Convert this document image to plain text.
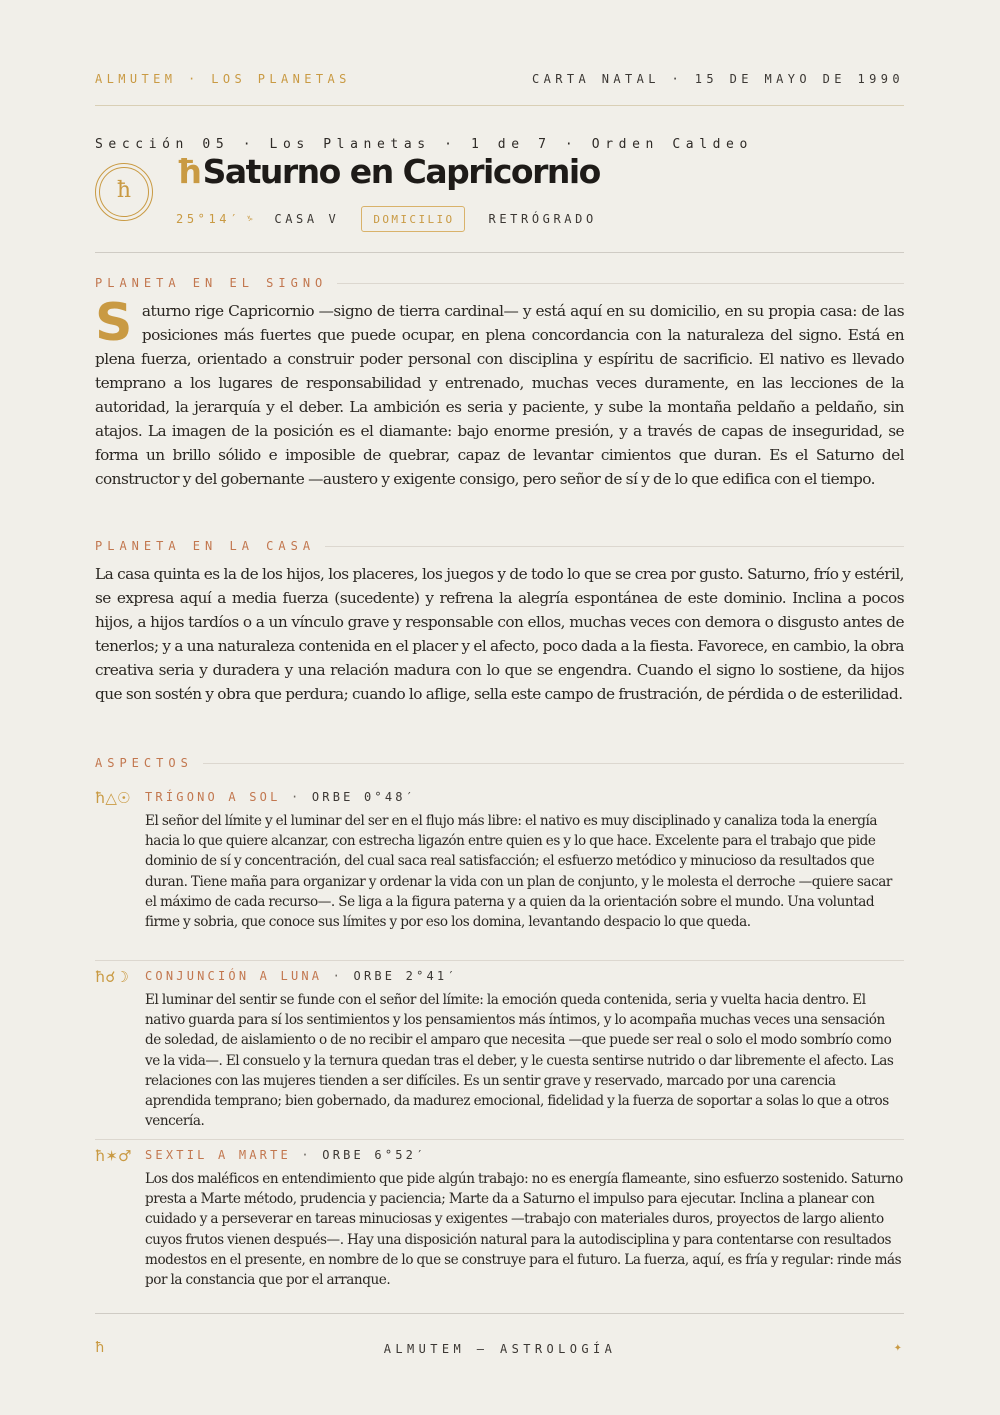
ALMUTEM · LOS PLANETAS	CARTA NATAL · 15 DE MAYO DE 1990
Sección 05 · Los Planetas · 1 de 7 · Orden Caldeo
ħ	ħSaturno en Capricornio
25°14′ ♑ CASA V	DOMICILIO	RETRÓGRADO
PLANETA EN EL SIGNO

Saturno rige Capricornio —signo de tierra cardinal— y está aquí en su domicilio, en su propia casa: de las posiciones más fuertes que puede ocupar, en plena concordancia con la naturaleza del signo. Está en plena fuerza, orientado a construir poder personal con disciplina y espíritu de sacrificio. El nativo es llevado temprano a los lugares de responsabilidad y entrenado, muchas veces duramente, en las lecciones de la autoridad, la jerarquía y el deber. La ambición es seria y paciente, y sube la montaña peldaño a peldaño, sin atajos. La imagen de la posición es el diamante: bajo enorme presión, y a través de capas de inseguridad, se forma un brillo sólido e imposible de quebrar, capaz de levantar cimientos que duran. Es el Saturno del constructor y del gobernante —austero y exigente consigo, pero señor de sí y de lo que edifica con el tiempo.

PLANETA EN LA CASA

La casa quinta es la de los hijos, los placeres, los juegos y de todo lo que se crea por gusto. Saturno, frío y estéril, se expresa aquí a media fuerza (sucedente) y refrena la alegría espontánea de este dominio. Inclina a pocos hijos, a hijos tardíos o a un vínculo grave y responsable con ellos, muchas veces con demora o disgusto antes de tenerlos; y a una naturaleza contenida en el placer y el afecto, poco dada a la fiesta. Favorece, en cambio, la obra creativa seria y duradera y una relación madura con lo que se engendra. Cuando el signo lo sostiene, da hijos que son sostén y obra que perdura; cuando lo aflige, sella este campo de frustración, de pérdida o de esterilidad.

ASPECTOS
ħ△☉ TRÍGONO A SOL · ORBE 0°48′

El señor del límite y el luminar del ser en el flujo más libre: el nativo es muy disciplinado y canaliza toda la energía hacia lo que quiere alcanzar, con estrecha ligazón entre quien es y lo que hace. Excelente para el trabajo que pide dominio de sí y concentración, del cual saca real satisfacción; el esfuerzo metódico y minucioso da resultados que duran. Tiene maña para organizar y ordenar la vida con un plan de conjunto, y le molesta el derroche —quiere sacar el máximo de cada recurso—. Se liga a la figura paterna y a quien da la orientación sobre el mundo. Una voluntad firme y sobria, que conoce sus límites y por eso los domina, levantando despacio lo que queda.

ħ☌☽ CONJUNCIÓN A LUNA · ORBE 2°41′

El luminar del sentir se funde con el señor del límite: la emoción queda contenida, seria y vuelta hacia dentro. El nativo guarda para sí los sentimientos y los pensamientos más íntimos, y lo acompaña muchas veces una sensación de soledad, de aislamiento o de no recibir el amparo que necesita —que puede ser real o solo el modo sombrío como ve la vida—. El consuelo y la ternura quedan tras el deber, y le cuesta sentirse nutrido o dar libremente el afecto. Las relaciones con las mujeres tienden a ser difíciles. Es un sentir grave y reservado, marcado por una carencia aprendida temprano; bien gobernado, da madurez emocional, fidelidad y la fuerza de soportar a solas lo que a otros vencería.

ħ✶♂ SEXTIL A MARTE · ORBE 6°52′

Los dos maléficos en entendimiento que pide algún trabajo: no es energía flameante, sino esfuerzo sostenido. Saturno presta a Marte método, prudencia y paciencia; Marte da a Saturno el impulso para ejecutar. Inclina a planear con cuidado y a perseverar en tareas minuciosas y exigentes —trabajo con materiales duros, proyectos de largo aliento cuyos frutos vienen después—. Hay una disposición natural para la autodisciplina y para contentarse con resultados modestos en el presente, en nombre de lo que se construye para el futuro. La fuerza, aquí, es fría y regular: rinde más por la constancia que por el arranque.

ħ	ALMUTEM — ASTROLOGÍA	✦
